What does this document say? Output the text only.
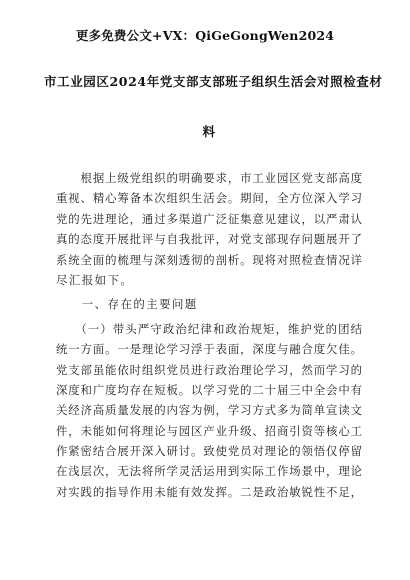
更多免费公文+VX：QiGeGongWen2024
市工业园区2024年党支部支部班子组织生活会对照检查材
料
　　根据上级党组织的明确要求，市工业园区党支部高度
重视、精心筹备本次组织生活会。期间，全方位深入学习
党的先进理论，通过多渠道广泛征集意见建议，以严肃认
真的态度开展批评与自我批评，对党支部现存问题展开了
系统全面的梳理与深刻透彻的剖析。现将对照检查情况详
尽汇报如下。
　　一、存在的主要问题
　　（一）带头严守政治纪律和政治规矩，维护党的团结
统一方面。一是理论学习浮于表面，深度与融合度欠佳。
党支部虽能依时组织党员进行政治理论学习，然而学习的
深度和广度均存在短板。以学习党的二十届三中全会中有
关经济高质量发展的内容为例，学习方式多为简单宣读文
件，未能如何将理论与园区产业升级、招商引资等核心工
作紧密结合展开深入研讨。致使党员对理论的领悟仅停留
在浅层次，无法将所学灵活运用到实际工作场景中，理论
对实践的指导作用未能有效发挥。二是政治敏锐性不足，
